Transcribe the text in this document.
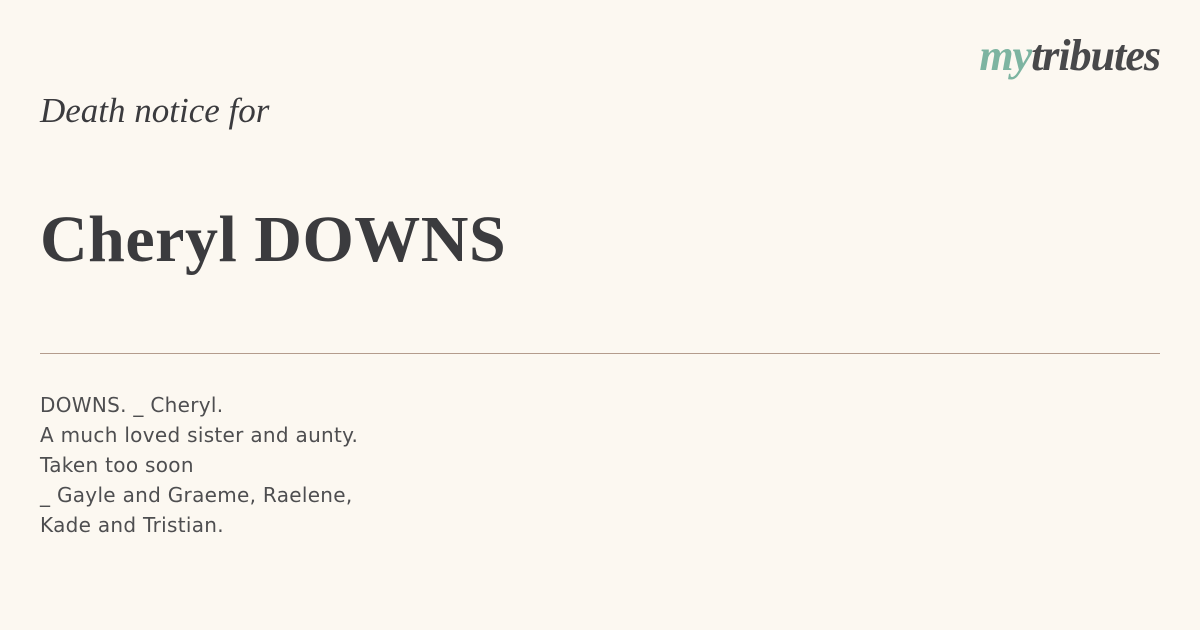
mytributes
Death notice for
Cheryl DOWNS

DOWNS. _ Cheryl.

A much loved sister and aunty.

Taken too soon

_ Gayle and Graeme, Raelene,

Kade and Tristian.
